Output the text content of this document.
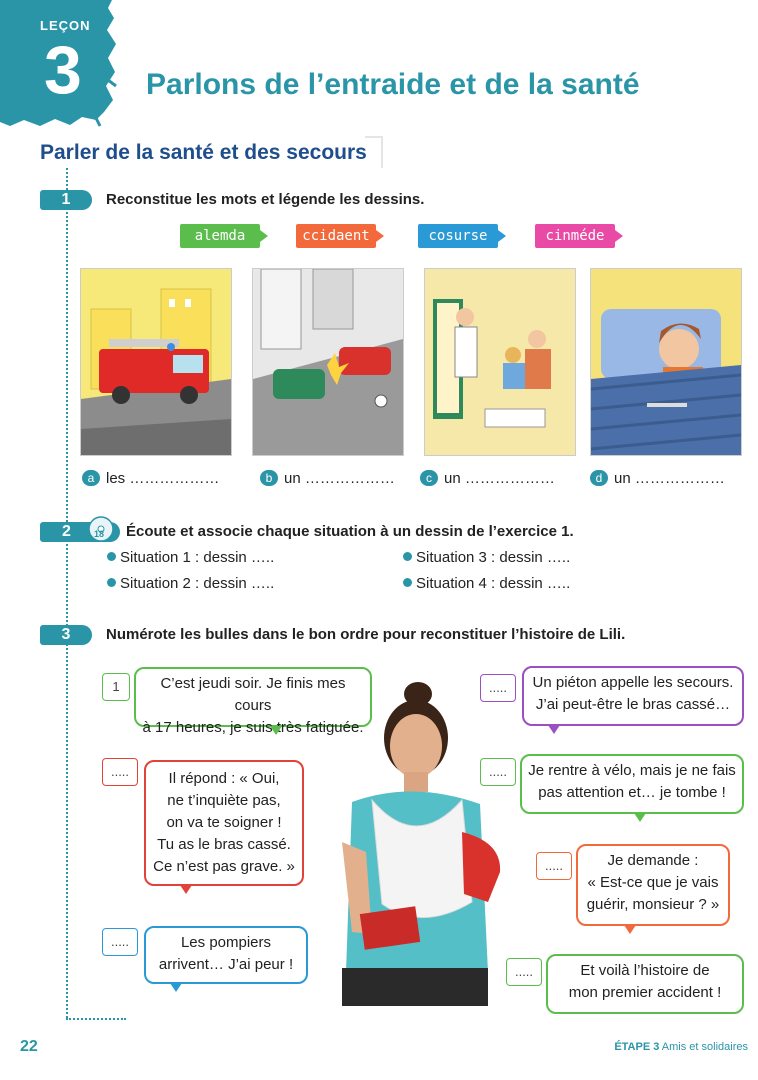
LEÇON
3 Parlons de l’entraide et de la santé
Parler de la santé et des secours
1	Reconstitue les mots et légende les dessins.
alemda	ccidaent	cosurse	cinméde
a les ………………	b un ………………	c un ………………	d un ………………
2	18 Écoute et associe chaque situation à un dessin de l’exercice 1.
Situation 1 : dessin …..
Situation 2 : dessin …..
Situation 3 : dessin …..
Situation 4 : dessin …..
3	Numérote les bulles dans le bon ordre pour reconstituer l’histoire de Lili.
1	C’est jeudi soir. Je finis mes cours
à 17 heures, je suis très fatiguée.
.....	Il répond : « Oui,
ne t’inquiète pas,
on va te soigner !
Tu as le bras cassé.
Ce n’est pas grave. »
.....	Les pompiers
arrivent… J’ai peur !
.....	Un piéton appelle les secours.
J’ai peut-être le bras cassé…
.....	Je rentre à vélo, mais je ne fais
pas attention et… je tombe !
.....	Je demande :
« Est-ce que je vais
guérir, monsieur ? »
.....	Et voilà l’histoire de
mon premier accident !
22	ÉTAPE 3 Amis et solidaires
